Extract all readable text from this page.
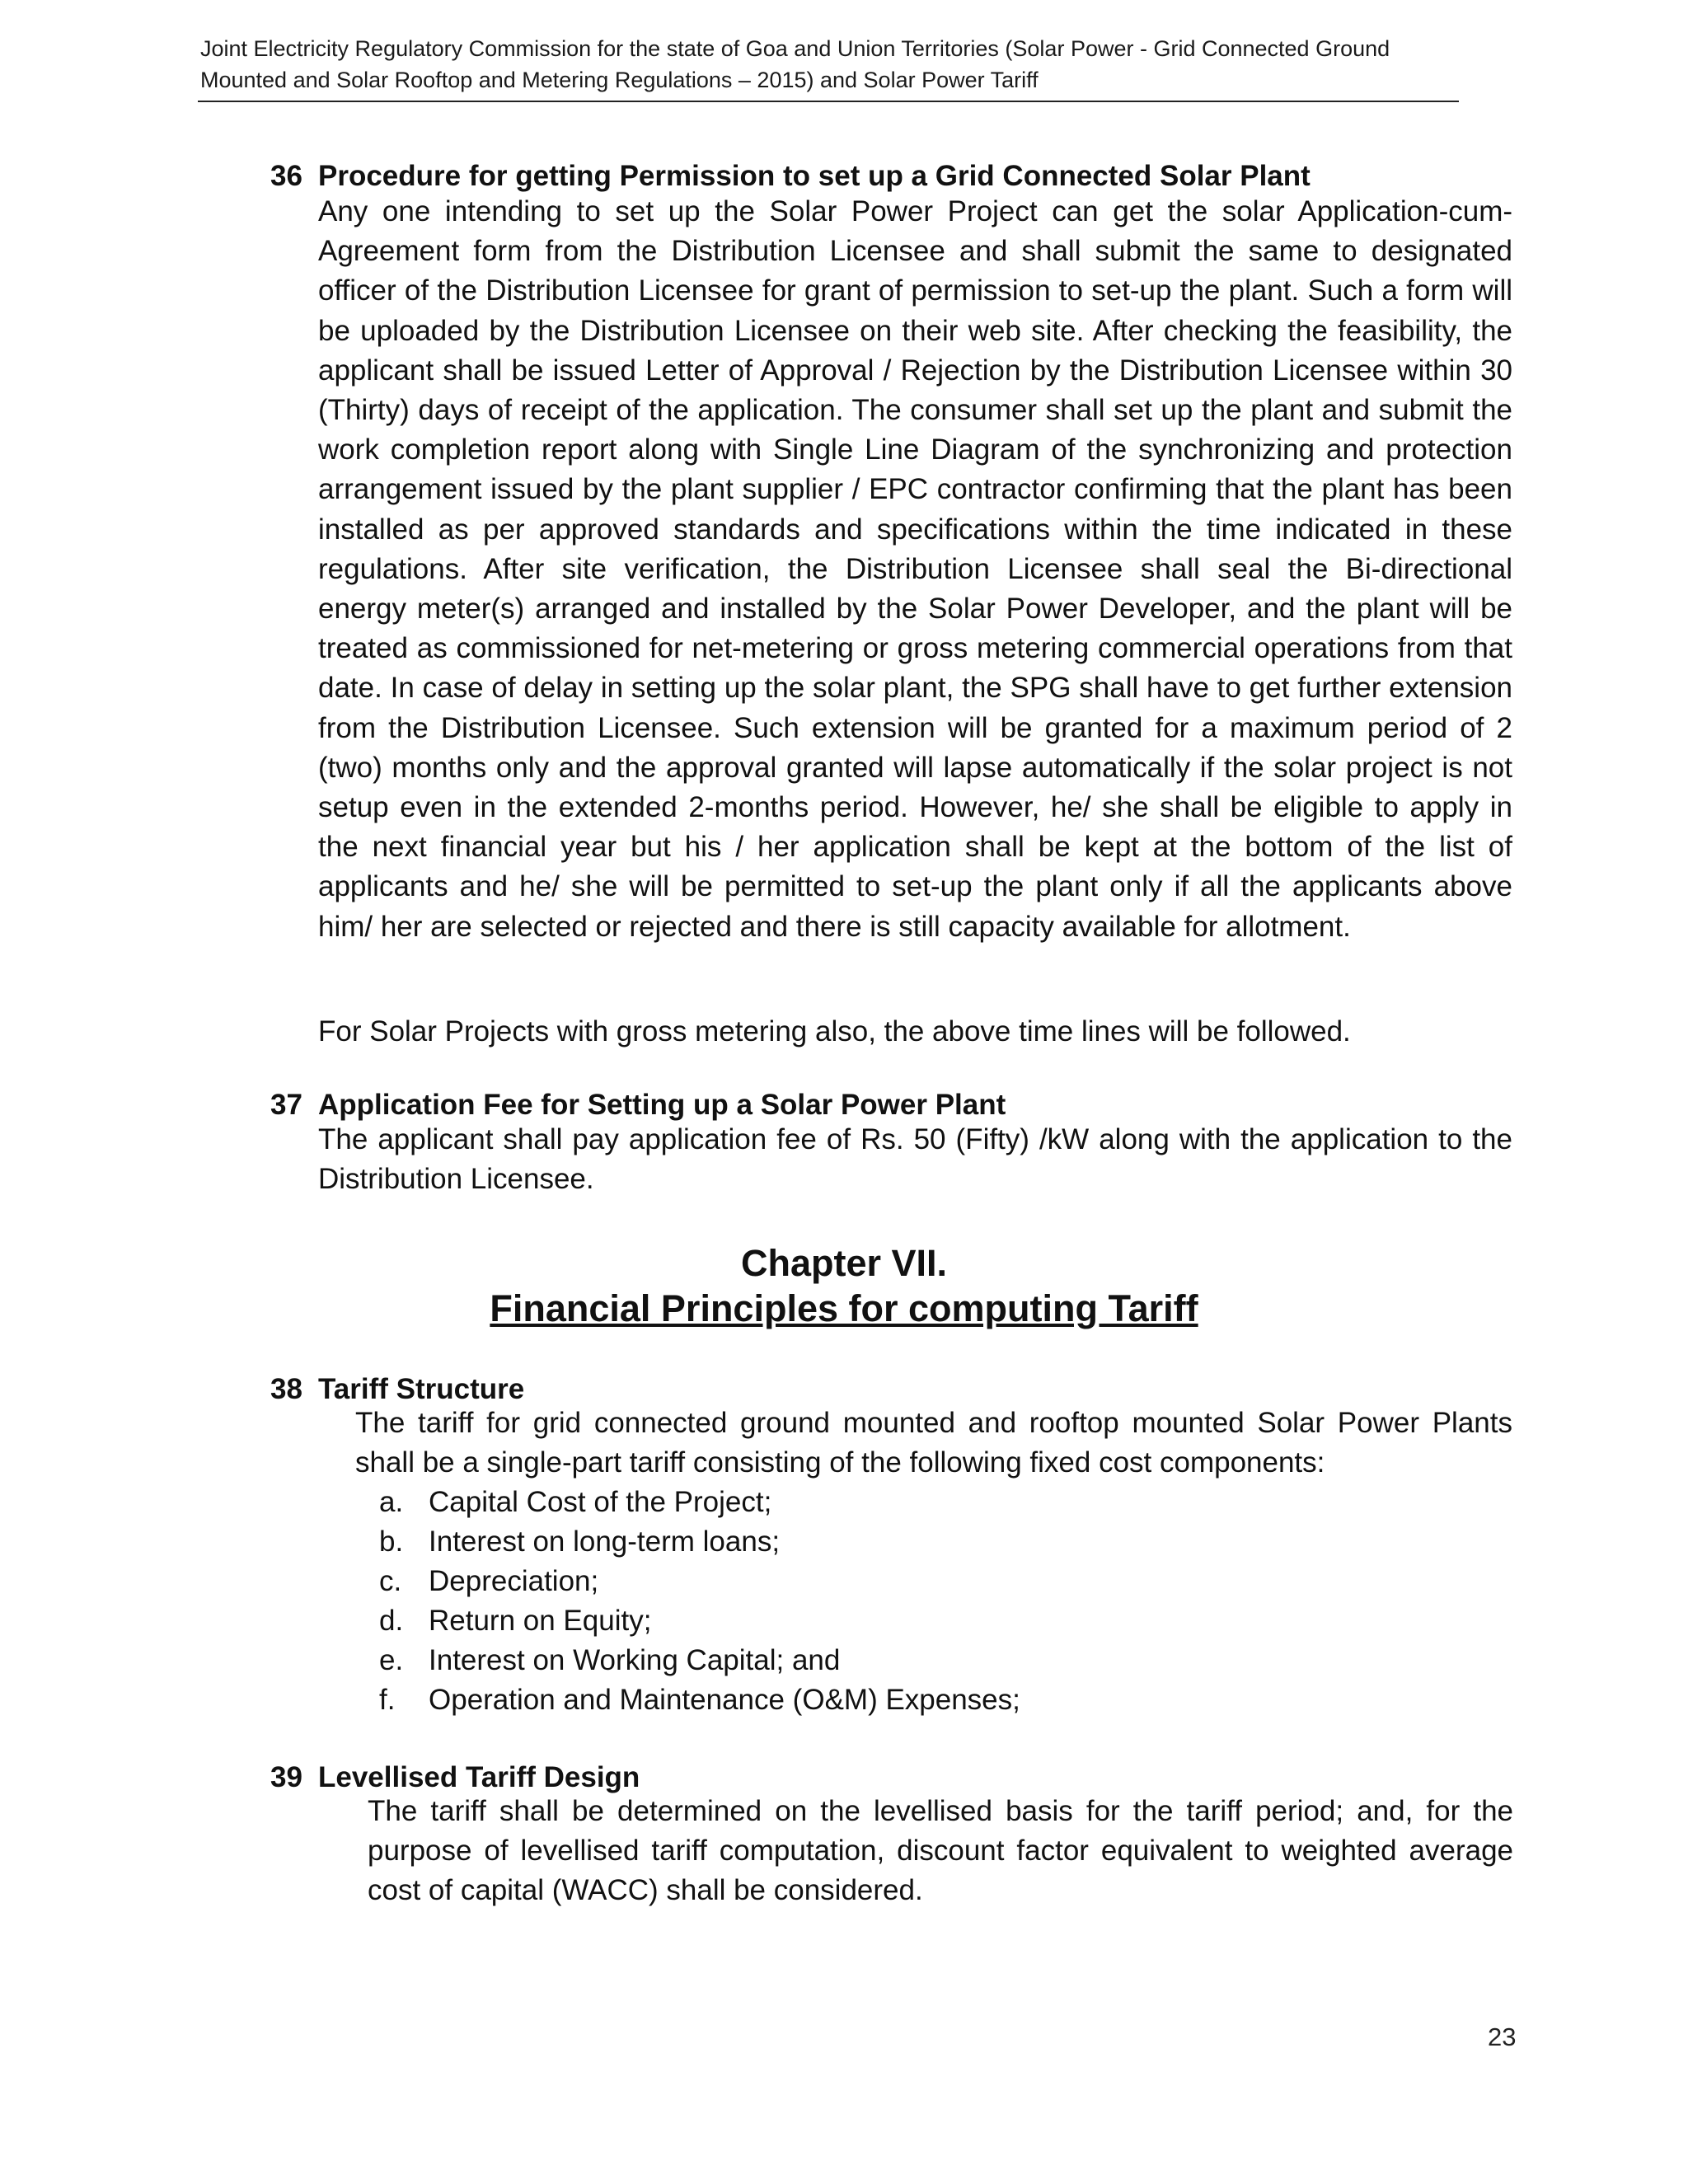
Joint Electricity Regulatory Commission for the state of Goa and Union Territories (Solar Power - Grid Connected Ground Mounted and Solar Rooftop and Metering Regulations – 2015) and Solar Power Tariff
36 Procedure for getting Permission to set up a Grid Connected Solar Plant

Any one intending to set up the Solar Power Project can get the solar Application-cum-Agreement form from the Distribution Licensee and shall submit the same to designated officer of the Distribution Licensee for grant of permission to set-up the plant. Such a form will be uploaded by the Distribution Licensee on their web site. After checking the feasibility, the applicant shall be issued Letter of Approval / Rejection by the Distribution Licensee within 30 (Thirty) days of receipt of the application. The consumer shall set up the plant and submit the work completion report along with Single Line Diagram of the synchronizing and protection arrangement issued by the plant supplier / EPC contractor confirming that the plant has been installed as per approved standards and specifications within the time indicated in these regulations. After site verification, the Distribution Licensee shall seal the Bi-directional energy meter(s) arranged and installed by the Solar Power Developer, and the plant will be treated as commissioned for net-metering or gross metering commercial operations from that date. In case of delay in setting up the solar plant, the SPG shall have to get further extension from the Distribution Licensee. Such extension will be granted for a maximum period of 2 (two) months only and the approval granted will lapse automatically if the solar project is not setup even in the extended 2-months period. However, he/ she shall be eligible to apply in the next financial year but his / her application shall be kept at the bottom of the list of applicants and he/ she will be permitted to set-up the plant only if all the applicants above him/ her are selected or rejected and there is still capacity available for allotment.

For Solar Projects with gross metering also, the above time lines will be followed.

37 Application Fee for Setting up a Solar Power Plant

The applicant shall pay application fee of Rs. 50 (Fifty) /kW along with the application to the Distribution Licensee.

Chapter VII.
Financial Principles for computing Tariff
38 Tariff Structure

The tariff for grid connected ground mounted and rooftop mounted Solar Power Plants shall be a single-part tariff consisting of the following fixed cost components:

a. Capital Cost of the Project;
b. Interest on long-term loans;
c. Depreciation;
d. Return on Equity;
e. Interest on Working Capital; and
f. Operation and Maintenance (O&M) Expenses;
39 Levellised Tariff Design

The tariff shall be determined on the levellised basis for the tariff period; and, for the purpose of levellised tariff computation, discount factor equivalent to weighted average cost of capital (WACC) shall be considered.

23
